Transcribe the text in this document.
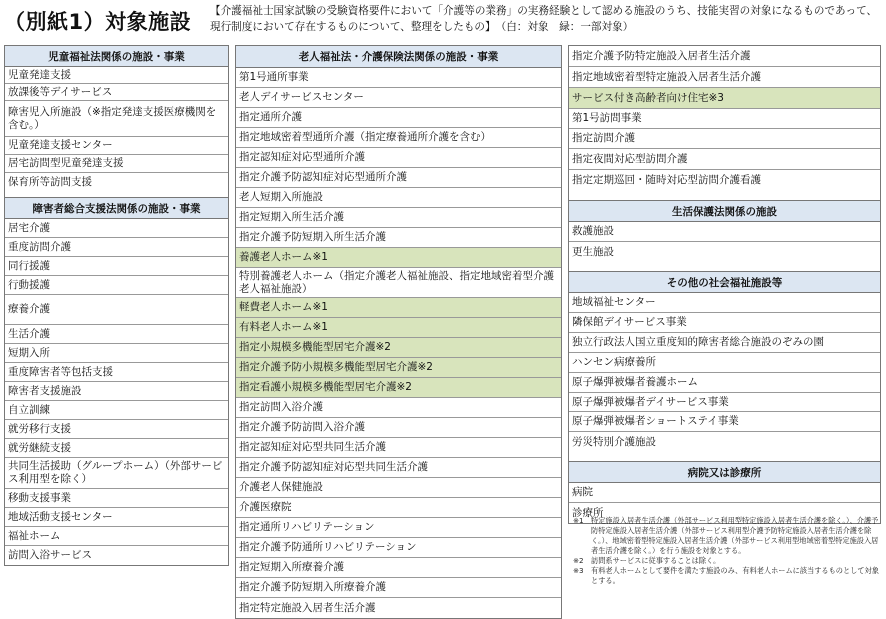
（別紙1）対象施設	【介護福祉士国家試験の受験資格要件において「介護等の業務」の実務経験として認める施設のうち、技能実習の対象になるものであって、現行制度において存在するものについて、整理をしたもの】　（白：対象　緑：一部対象）
児童福祉法関係の施設・事業
児童発達支援
放課後等デイサービス
障害児入所施設（※指定発達支援医療機関を含む。）
児童発達支援センター
居宅訪問型児童発達支援
保育所等訪問支援
障害者総合支援法関係の施設・事業
居宅介護
重度訪問介護
同行援護
行動援護
療養介護
生活介護
短期入所
重度障害者等包括支援
障害者支援施設
自立訓練
就労移行支援
就労継続支援
共同生活援助（グループホーム）（外部サービス利用型を除く）
移動支援事業
地域活動支援センター
福祉ホーム
訪問入浴サービス
老人福祉法・介護保険法関係の施設・事業
第1号通所事業
老人デイサービスセンター
指定通所介護
指定地域密着型通所介護（指定療養通所介護を含む）
指定認知症対応型通所介護
指定介護予防認知症対応型通所介護
老人短期入所施設
指定短期入所生活介護
指定介護予防短期入所生活介護
養護老人ホーム※1
特別養護老人ホーム（指定介護老人福祉施設、指定地域密着型介護老人福祉施設）
軽費老人ホーム※1
有料老人ホーム※1
指定小規模多機能型居宅介護※2
指定介護予防小規模多機能型居宅介護※2
指定看護小規模多機能型居宅介護※2
指定訪問入浴介護
指定介護予防訪問入浴介護
指定認知症対応型共同生活介護
指定介護予防認知症対応型共同生活介護
介護老人保健施設
介護医療院
指定通所リハビリテーション
指定介護予防通所リハビリテーション
指定短期入所療養介護
指定介護予防短期入所療養介護
指定特定施設入居者生活介護
指定介護予防特定施設入居者生活介護
指定地域密着型特定施設入居者生活介護
サービス付き高齢者向け住宅※3
第1号訪問事業
指定訪問介護
指定夜間対応型訪問介護
指定定期巡回・随時対応型訪問介護看護
生活保護法関係の施設
救護施設
更生施設
その他の社会福祉施設等
地域福祉センター
隣保館デイサービス事業
独立行政法人国立重度知的障害者総合施設のぞみの園
ハンセン病療養所
原子爆弾被爆者養護ホーム
原子爆弾被爆者デイサービス事業
原子爆弾被爆者ショートステイ事業
労災特別介護施設
病院又は診療所
病院
診療所
※1	特定施設入居者生活介護（外部サービス利用型特定施設入居者生活介護を除く。）、介護予防特定施設入居者生活介護（外部サービス利用型介護予防特定施設入居者生活介護を除く。）、地域密着型特定施設入居者生活介護（外部サービス利用型地域密着型特定施設入居者生活介護を除く。）を行う施設を対象とする。
※2	訪問系サービスに従事することは除く。
※3	有料老人ホームとして要件を満たす施設のみ、有料老人ホームに該当するものとして対象とする。
